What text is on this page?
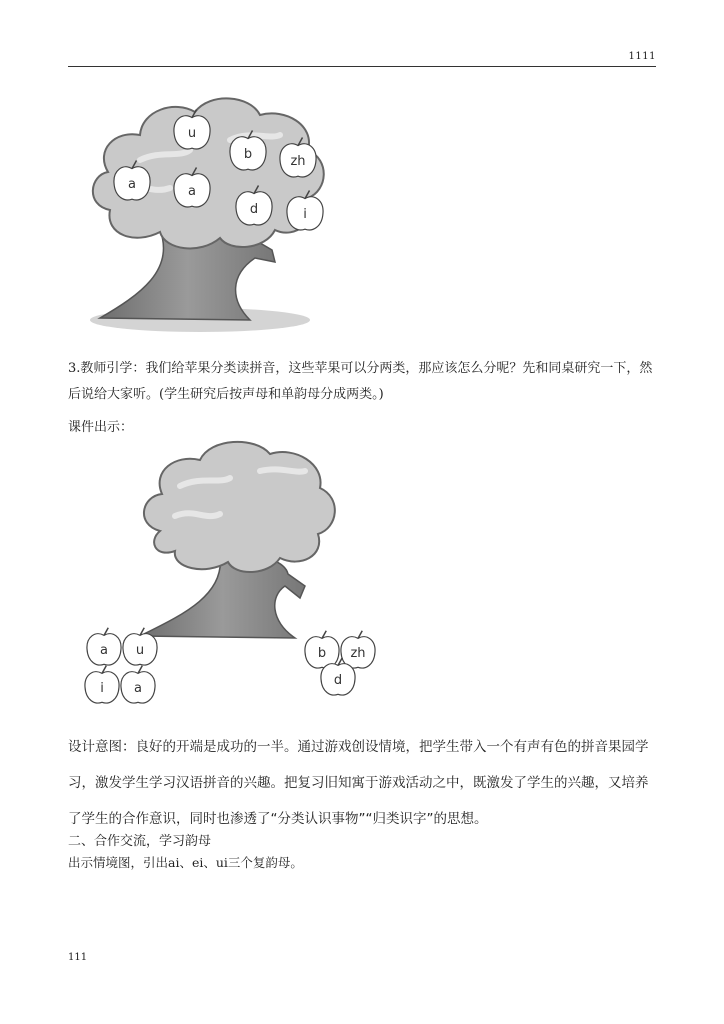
1111
u
b	zh
a	a
d	i
3.教师引学：我们给苹果分类读拼音，这些苹果可以分两类，那应该怎么分呢？先和同桌研究一下，然后说给大家听。(学生研究后按声母和单韵母分成两类。)
课件出示：
a u
i a
b zh
d
设计意图：良好的开端是成功的一半。通过游戏创设情境，把学生带入一个有声有色的拼音果园学习，激发学生学习汉语拼音的兴趣。把复习旧知寓于游戏活动之中，既激发了学生的兴趣，又培养了学生的合作意识，同时也渗透了“分类认识事物”“归类识字”的思想。
二、合作交流，学习韵母
出示情境图，引出ai、ei、ui三个复韵母。
111
